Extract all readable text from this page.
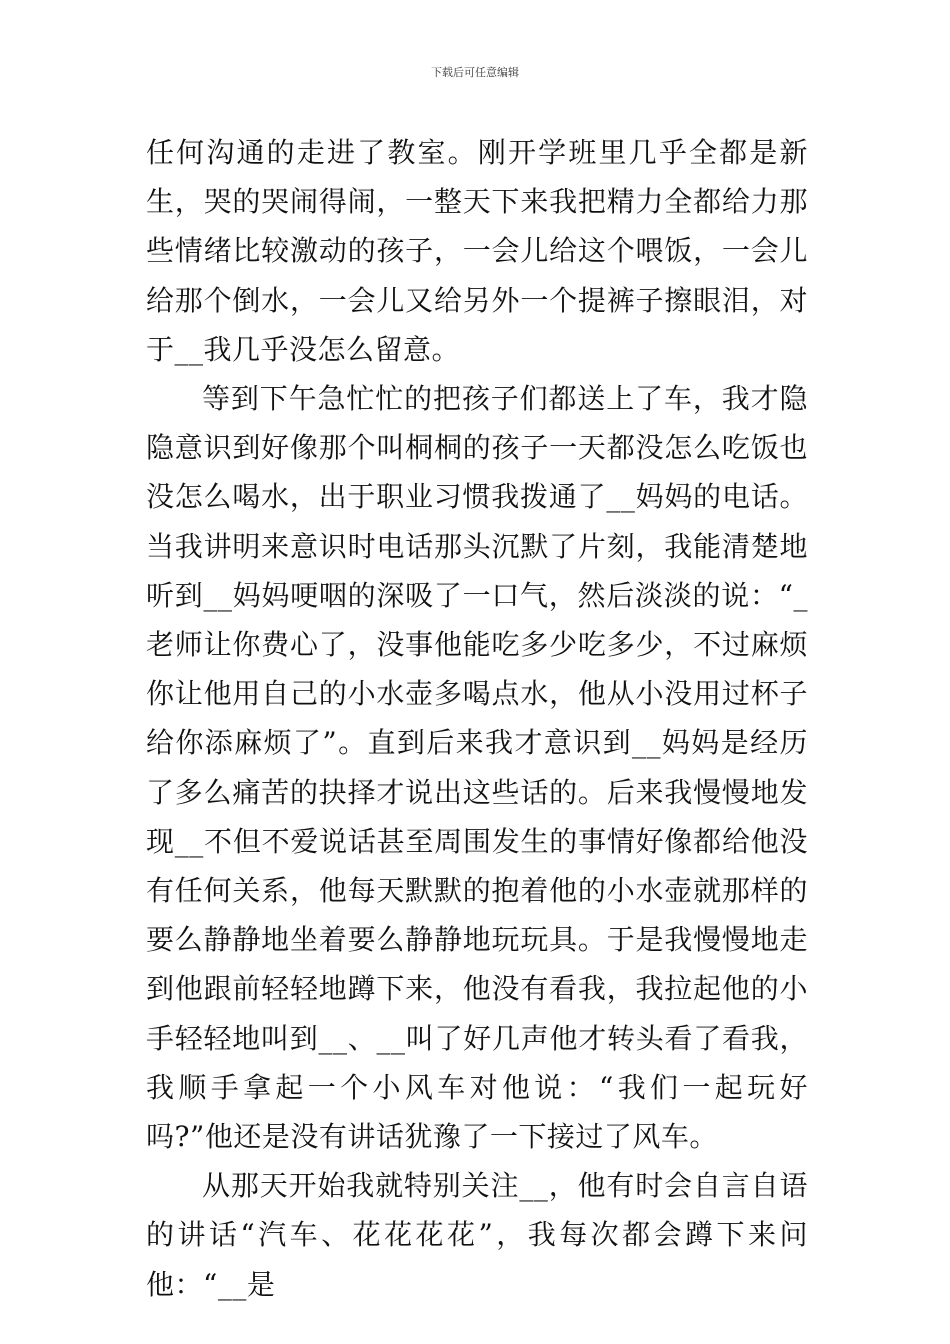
下载后可任意编辑

任何沟通的走进了教室。刚开学班里几乎全都是新生，哭的哭闹得闹，一整天下来我把精力全都给力那些情绪比较激动的孩子，一会儿给这个喂饭，一会儿给那个倒水，一会儿又给另外一个提裤子擦眼泪，对于__我几乎没怎么留意。

等到下午急忙忙的把孩子们都送上了车，我才隐隐意识到好像那个叫桐桐的孩子一天都没怎么吃饭也没怎么喝水，出于职业习惯我拨通了__妈妈的电话。当我讲明来意识时电话那头沉默了片刻，我能清楚地听到__妈妈哽咽的深吸了一口气，然后淡淡的说：“_老师让你费心了，没事他能吃多少吃多少，不过麻烦你让他用自己的小水壶多喝点水，他从小没用过杯子给你添麻烦了”。直到后来我才意识到__妈妈是经历了多么痛苦的抉择才说出这些话的。后来我慢慢地发现__不但不爱说话甚至周围发生的事情好像都给他没有任何关系，他每天默默的抱着他的小水壶就那样的要么静静地坐着要么静静地玩玩具。于是我慢慢地走到他跟前轻轻地蹲下来，他没有看我，我拉起他的小手轻轻地叫到__、__叫了好几声他才转头看了看我，我顺手拿起一个小风车对他说：“我们一起玩好吗?”他还是没有讲话犹豫了一下接过了风车。

从那天开始我就特别关注__，他有时会自言自语的讲话“汽车、花花花花”，我每次都会蹲下来问他：“__是
